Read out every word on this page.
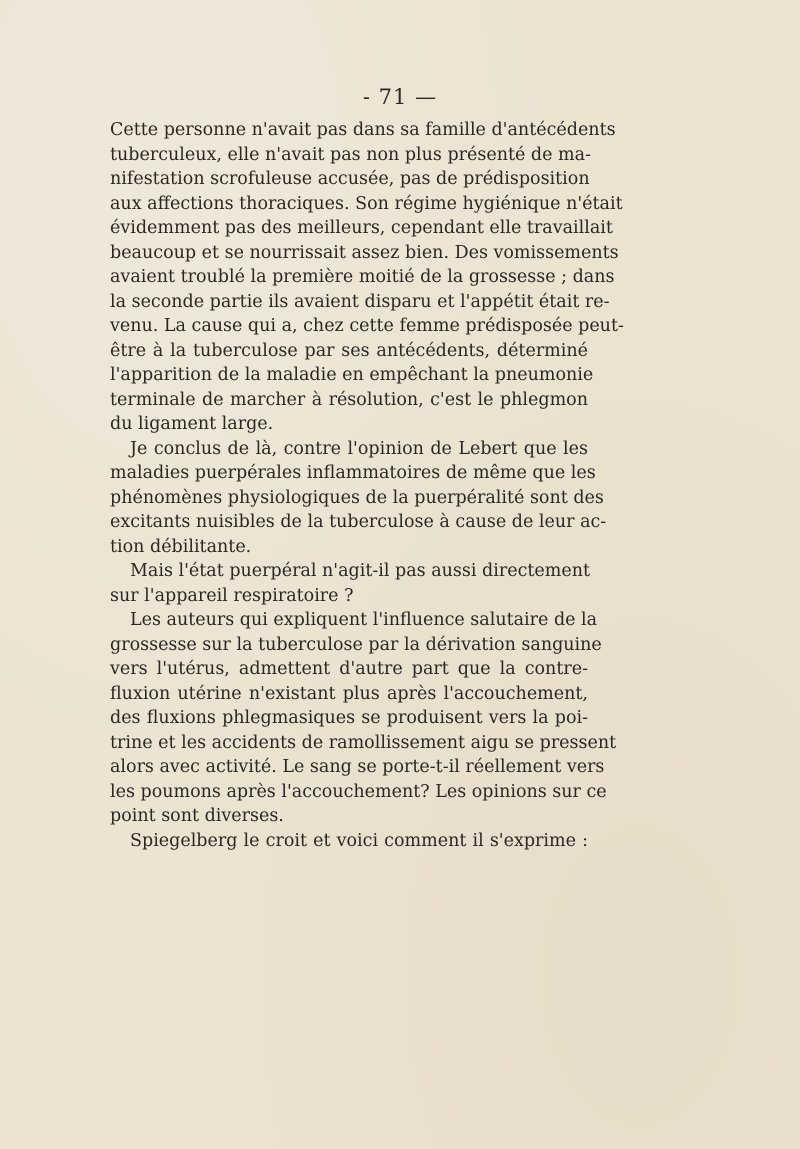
- 71 —
Cette personne n'avait pas dans sa famille d'antécédents
tuberculeux, elle n'avait pas non plus présenté de ma-
nifestation scrofuleuse accusée, pas de prédisposition
aux affections thoraciques. Son régime hygiénique n'était
évidemment pas des meilleurs, cependant elle travaillait
beaucoup et se nourrissait assez bien. Des vomissements
avaient troublé la première moitié de la grossesse ; dans
la seconde partie ils avaient disparu et l'appétit était re-
venu. La cause qui a, chez cette femme prédisposée peut-
être à la tuberculose par ses antécédents, déterminé
l'apparition de la maladie en empêchant la pneumonie
terminale de marcher à résolution, c'est le phlegmon
du ligament large.
Je conclus de là, contre l'opinion de Lebert que les
maladies puerpérales inflammatoires de même que les
phénomènes physiologiques de la puerpéralité sont des
excitants nuisibles de la tuberculose à cause de leur ac-
tion débilitante.
Mais l'état puerpéral n'agit-il pas aussi directement
sur l'appareil respiratoire ?
Les auteurs qui expliquent l'influence salutaire de la
grossesse sur la tuberculose par la dérivation sanguine
vers l'utérus, admettent d'autre part que la contre-
fluxion utérine n'existant plus après l'accouchement,
des fluxions phlegmasiques se produisent vers la poi-
trine et les accidents de ramollissement aigu se pressent
alors avec activité. Le sang se porte-t-il réellement vers
les poumons après l'accouchement? Les opinions sur ce
point sont diverses.
Spiegelberg le croit et voici comment il s'exprime :
